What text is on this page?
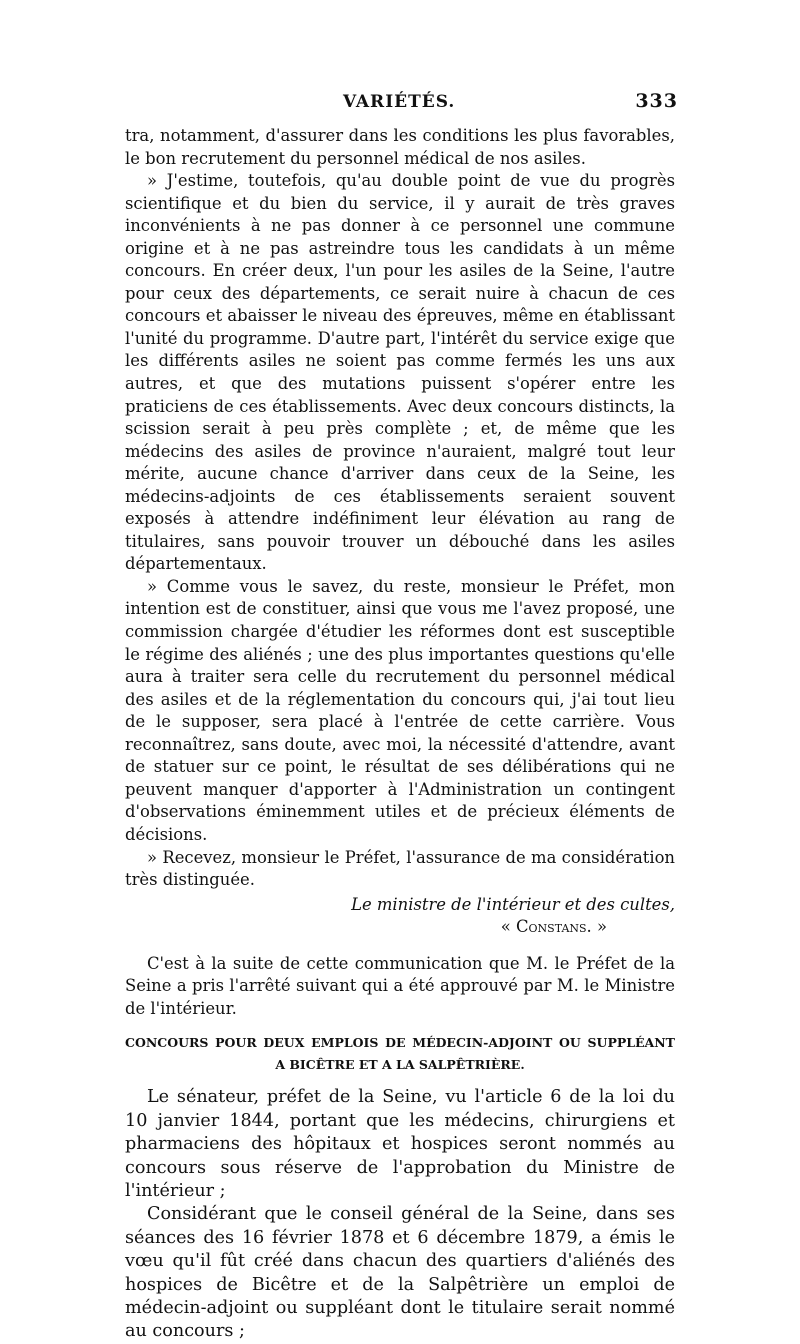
VARIÉTÉS.	333

tra, notamment, d'assurer dans les conditions les plus favorables, le bon recrutement du personnel médical de nos asiles.

» J'estime, toutefois, qu'au double point de vue du progrès scientifique et du bien du service, il y aurait de très graves inconvénients à ne pas donner à ce personnel une commune origine et à ne pas astreindre tous les candidats à un même concours. En créer deux, l'un pour les asiles de la Seine, l'autre pour ceux des départements, ce serait nuire à chacun de ces concours et abaisser le niveau des épreuves, même en établissant l'unité du programme. D'autre part, l'intérêt du service exige que les différents asiles ne soient pas comme fermés les uns aux autres, et que des mutations puissent s'opérer entre les praticiens de ces établissements. Avec deux concours distincts, la scission serait à peu près complète ; et, de même que les médecins des asiles de province n'auraient, malgré tout leur mérite, aucune chance d'arriver dans ceux de la Seine, les médecins-adjoints de ces établissements seraient souvent exposés à attendre indéfiniment leur élévation au rang de titulaires, sans pouvoir trouver un débouché dans les asiles départementaux.

» Comme vous le savez, du reste, monsieur le Préfet, mon intention est de constituer, ainsi que vous me l'avez proposé, une commission chargée d'étudier les réformes dont est susceptible le régime des aliénés ; une des plus importantes questions qu'elle aura à traiter sera celle du recrutement du personnel médical des asiles et de la réglementation du concours qui, j'ai tout lieu de le supposer, sera placé à l'entrée de cette carrière. Vous reconnaîtrez, sans doute, avec moi, la nécessité d'attendre, avant de statuer sur ce point, le résultat de ses délibérations qui ne peuvent manquer d'apporter à l'Administration un contingent d'observations éminemment utiles et de précieux éléments de décisions.

» Recevez, monsieur le Préfet, l'assurance de ma considération très distinguée.

Le ministre de l'intérieur et des cultes,

« Constans. »

C'est à la suite de cette communication que M. le Préfet de la Seine a pris l'arrêté suivant qui a été approuvé par M. le Ministre de l'intérieur.

CONCOURS POUR DEUX EMPLOIS DE MÉDECIN-ADJOINT OU SUPPLÉANT
A BICÊTRE ET A LA SALPÊTRIÈRE.

Le sénateur, préfet de la Seine, vu l'article 6 de la loi du 10 janvier 1844, portant que les médecins, chirurgiens et pharmaciens des hôpitaux et hospices seront nommés au concours sous réserve de l'approbation du Ministre de l'intérieur ;

Considérant que le conseil général de la Seine, dans ses séances des 16 février 1878 et 6 décembre 1879, a émis le vœu qu'il fût créé dans chacun des quartiers d'aliénés des hospices de Bicêtre et de la Salpêtrière un emploi de médecin-adjoint ou suppléant dont le titulaire serait nommé au concours ;
